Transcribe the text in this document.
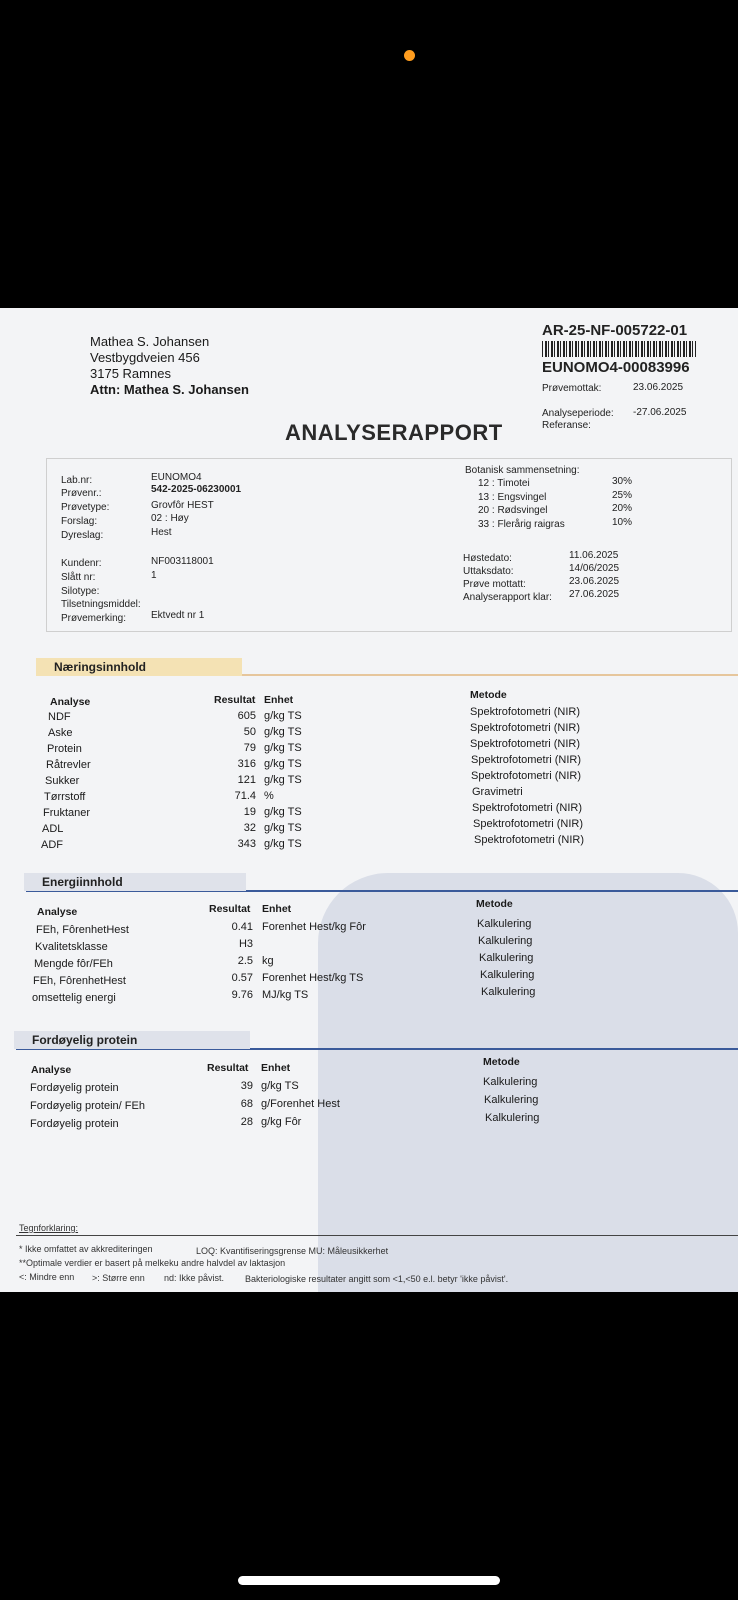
Mathea S. Johansen
Vestbygdveien 456
3175 Ramnes
Attn: Mathea S. Johansen
AR-25-NF-005722-01
EUNOMO4-00083996
Prøvemottak:	23.06.2025
Analyseperiode: -27.06.2025
Referanse:
ANALYSERAPPORT
Lab.nr:	EUNOMO4
Prøvenr.:	542-2025-06230001
Prøvetype:	Grovfôr HEST
Forslag:	02 : Høy
Dyreslag:	Hest
Kundenr:	NF003118001
Slått nr:	1
Silotype:
Tilsetningsmiddel:
Prøvemerking: Ektvedt nr 1
Botanisk sammensetning:
12 : Timotei	30%
13 : Engsvingel	25%
20 : Rødsvingel	20%
33 : Flerårig raigras	10%
Høstedato:	11.06.2025
Uttaksdato:	14/06/2025
Prøve mottatt:	23.06.2025
Analyserapport klar: 27.06.2025
Næringsinnhold
Analyse	Resultat Enhet	Metode
NDF	605 g/kg TS	Spektrofotometri (NIR)
Aske	50 g/kg TS	Spektrofotometri (NIR)
Protein	79 g/kg TS	Spektrofotometri (NIR)
Råtrevler	316 g/kg TS	Spektrofotometri (NIR)
Sukker	121 g/kg TS	Spektrofotometri (NIR)
Tørrstoff	71.4 %	Gravimetri
Fruktaner	19 g/kg TS	Spektrofotometri (NIR)
ADL	32 g/kg TS	Spektrofotometri (NIR)
ADF	343 g/kg TS	Spektrofotometri (NIR)
Energiinnhold
Analyse	Resultat Enhet	Metode
FEh, FôrenhetHest	0.41 Forenhet Hest/kg Fôr	Kalkulering
Kvalitetsklasse	H3	Kalkulering
Mengde fôr/FEh	2.5 kg	Kalkulering
FEh, FôrenhetHest	0.57 Forenhet Hest/kg TS	Kalkulering
omsettelig energi	9.76 MJ/kg TS	Kalkulering
Fordøyelig protein
Analyse	Resultat Enhet	Metode
Fordøyelig protein	39 g/kg TS	Kalkulering
Fordøyelig protein/ FEh	68 g/Forenhet Hest	Kalkulering
Fordøyelig protein	28 g/kg Fôr	Kalkulering
Tegnforklaring:
* Ikke omfattet av akkrediteringen	LOQ: Kvantifiseringsgrense MU: Måleusikkerhet
**Optimale verdier er basert på melkeku andre halvdel av laktasjon
<: Mindre enn >: Større enn nd: Ikke påvist. Bakteriologiske resultater angitt som <1,<50 e.l. betyr 'ikke påvist'.
